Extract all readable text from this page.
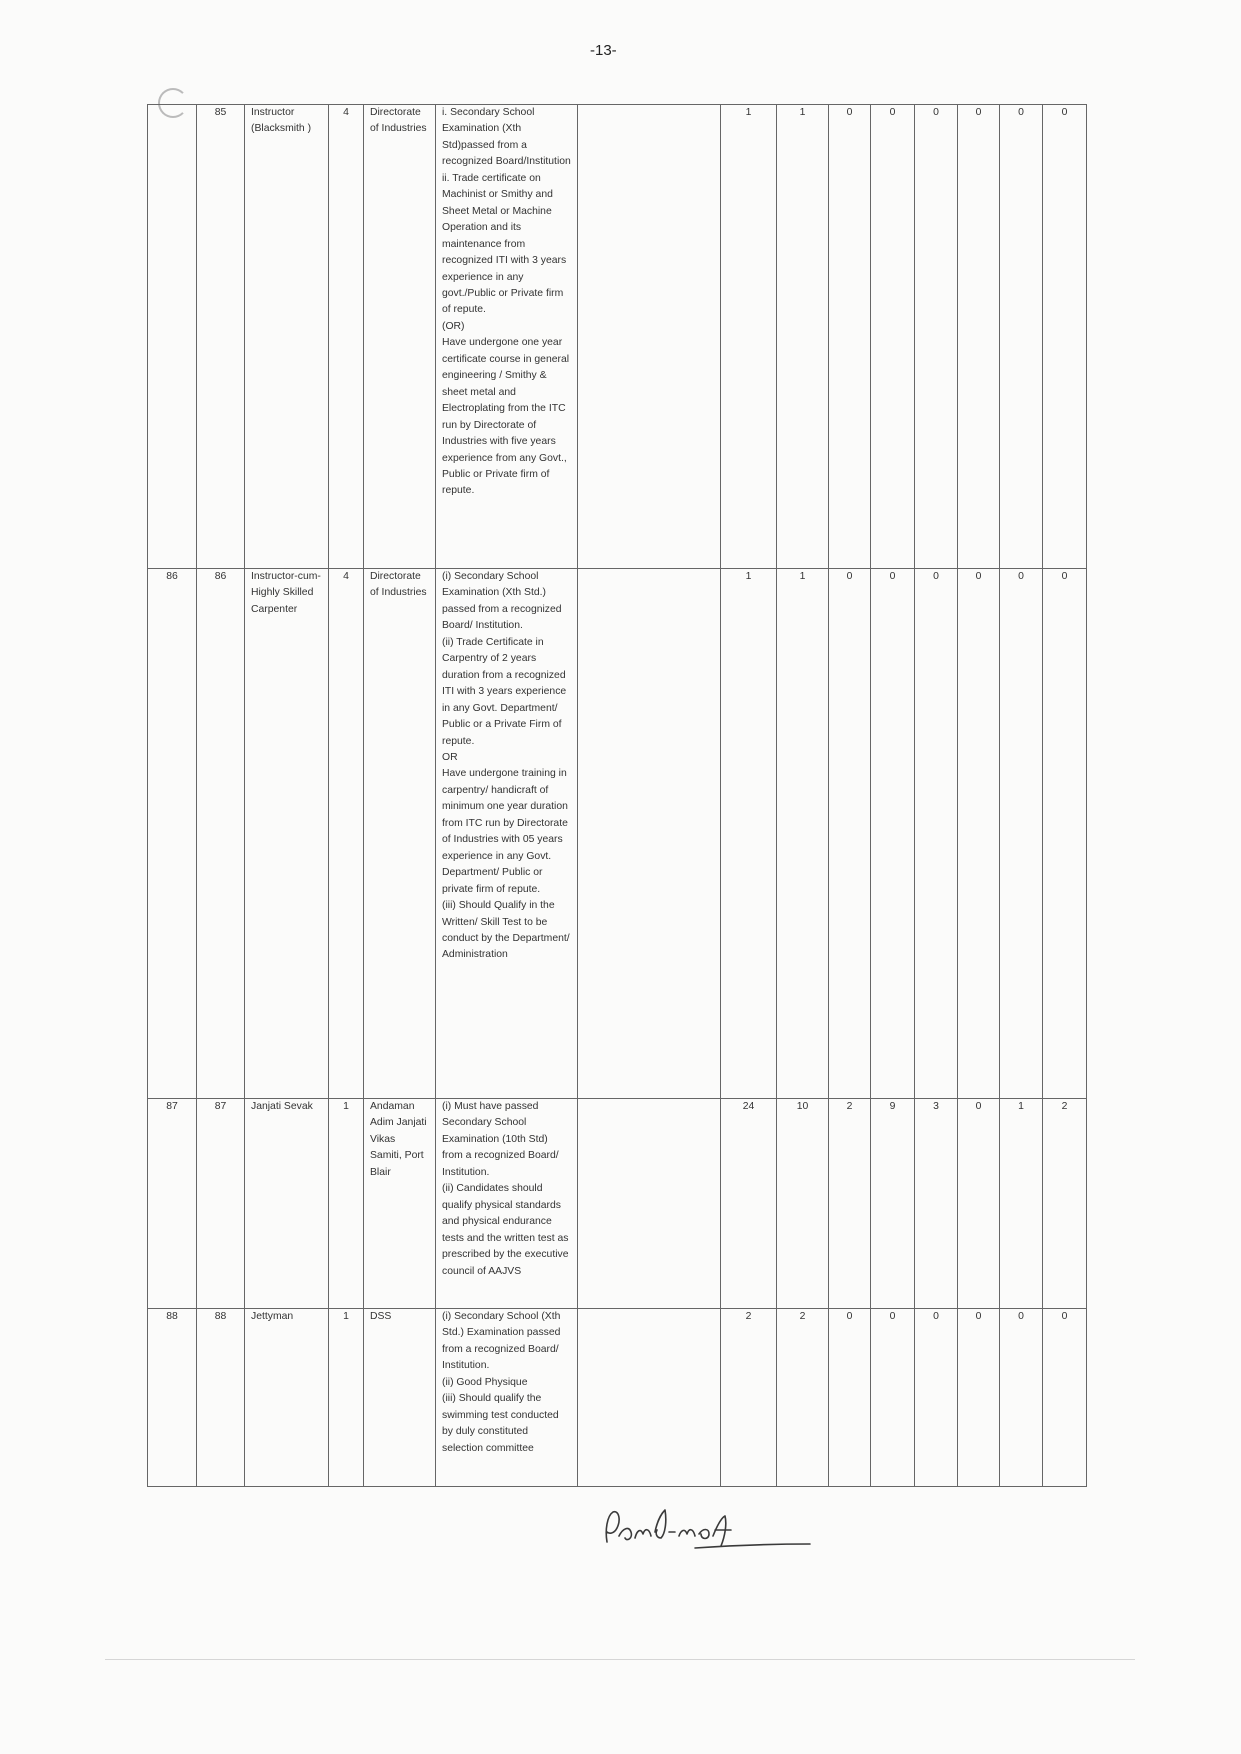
-13-
	85	Instructor (Blacksmith )	4	Directorate of Industries	i. Secondary School Examination (Xth Std)passed from a recognized Board/Institution
ii. Trade certificate on Machinist or Smithy and Sheet Metal or Machine Operation and its maintenance from recognized ITI with 3 years experience in any govt./Public or Private firm of repute.
(OR)
Have undergone one year certificate course in general engineering / Smithy & sheet metal and Electroplating from the ITC run by Directorate of Industries with five years experience from any Govt., Public or Private firm of repute.		1	1	0	0	0	0	0	0
86	86	Instructor-cum-Highly Skilled Carpenter	4	Directorate of Industries	(i) Secondary School Examination (Xth Std.) passed from a recognized Board/ Institution.
(ii) Trade Certificate in Carpentry of 2 years duration from a recognized ITI with 3 years experience in any Govt. Department/ Public or a Private Firm of repute.
OR
Have undergone training in carpentry/ handicraft of minimum one year duration from ITC run by Directorate of Industries with 05 years experience in any Govt. Department/ Public or private firm of repute.
(iii) Should Qualify in the Written/ Skill Test to be conduct by the Department/ Administration		1	1	0	0	0	0	0	0
87	87	Janjati Sevak	1	Andaman Adim Janjati Vikas Samiti, Port Blair	(i) Must have passed Secondary School Examination (10th Std) from a recognized Board/ Institution.
(ii) Candidates should qualify physical standards and physical endurance tests and the written test as prescribed by the executive council of AAJVS		24	10	2	9	3	0	1	2
88	88	Jettyman	1	DSS	(i) Secondary School (Xth Std.) Examination passed from a recognized Board/ Institution.
(ii) Good Physique
(iii) Should qualify the swimming test conducted by duly constituted selection committee		2	2	0	0	0	0	0	0
